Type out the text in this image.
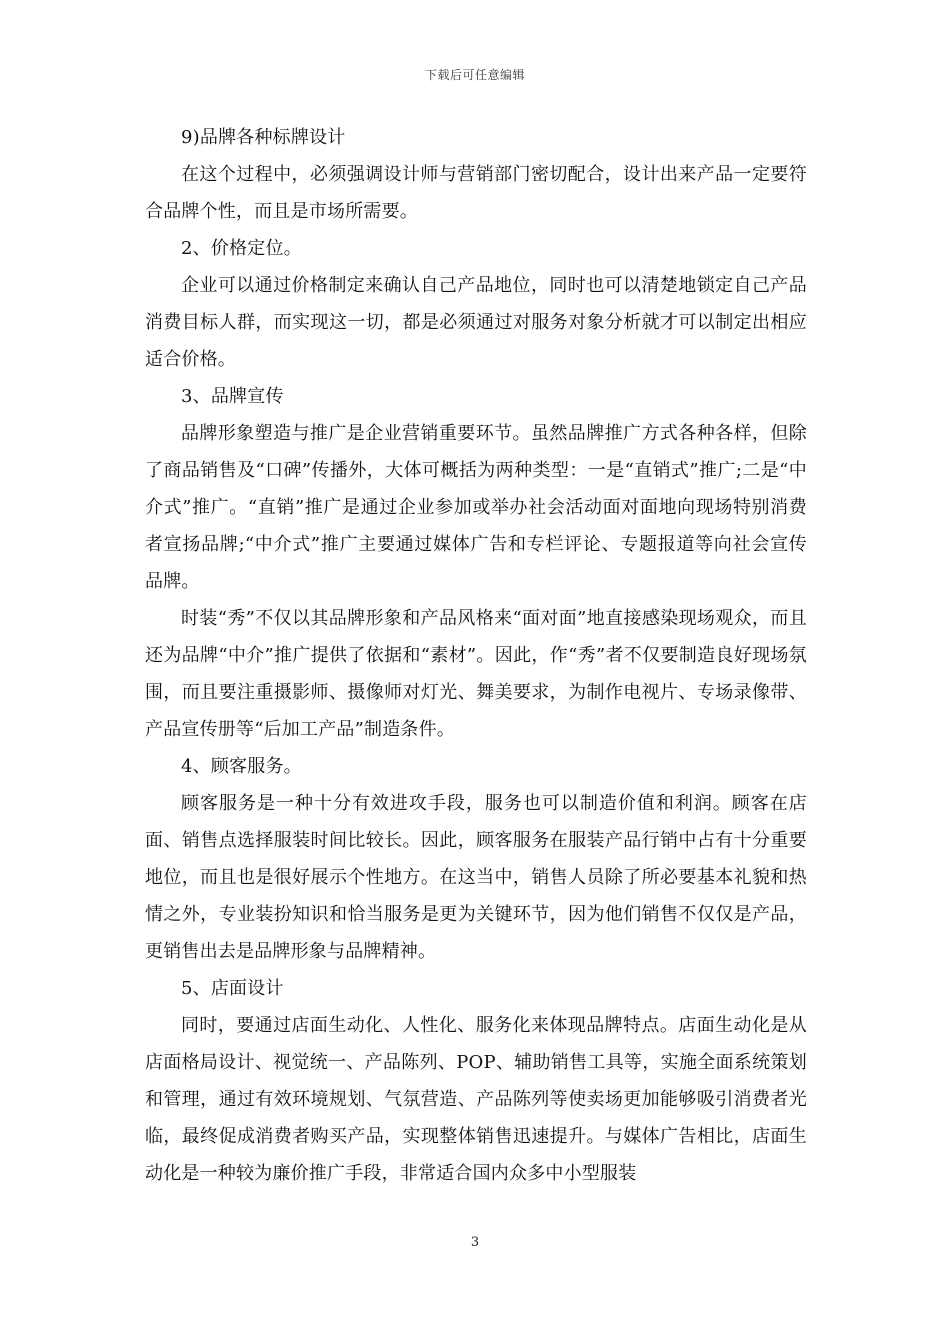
下载后可任意编辑

9)品牌各种标牌设计

在这个过程中，必须强调设计师与营销部门密切配合，设计出来产品一定要符合品牌个性，而且是市场所需要。

2、价格定位。

企业可以通过价格制定来确认自己产品地位，同时也可以清楚地锁定自己产品消费目标人群，而实现这一切，都是必须通过对服务对象分析就才可以制定出相应适合价格。

3、品牌宣传

品牌形象塑造与推广是企业营销重要环节。虽然品牌推广方式各种各样，但除了商品销售及“口碑”传播外，大体可概括为两种类型：一是“直销式”推广;二是“中介式”推广。“直销”推广是通过企业参加或举办社会活动面对面地向现场特别消费者宣扬品牌;“中介式”推广主要通过媒体广告和专栏评论、专题报道等向社会宣传品牌。

时装“秀”不仅以其品牌形象和产品风格来“面对面”地直接感染现场观众，而且还为品牌“中介”推广提供了依据和“素材”。因此，作“秀”者不仅要制造良好现场氛围，而且要注重摄影师、摄像师对灯光、舞美要求，为制作电视片、专场录像带、产品宣传册等“后加工产品”制造条件。

4、顾客服务。

顾客服务是一种十分有效进攻手段，服务也可以制造价值和利润。顾客在店面、销售点选择服装时间比较长。因此，顾客服务在服装产品行销中占有十分重要地位，而且也是很好展示个性地方。在这当中，销售人员除了所必要基本礼貌和热情之外，专业装扮知识和恰当服务是更为关键环节，因为他们销售不仅仅是产品，更销售出去是品牌形象与品牌精神。

5、店面设计

同时，要通过店面生动化、人性化、服务化来体现品牌特点。店面生动化是从店面格局设计、视觉统一、产品陈列、POP、辅助销售工具等，实施全面系统策划和管理，通过有效环境规划、气氛营造、产品陈列等使卖场更加能够吸引消费者光临，最终促成消费者购买产品，实现整体销售迅速提升。与媒体广告相比，店面生动化是一种较为廉价推广手段，非常适合国内众多中小型服装

3
